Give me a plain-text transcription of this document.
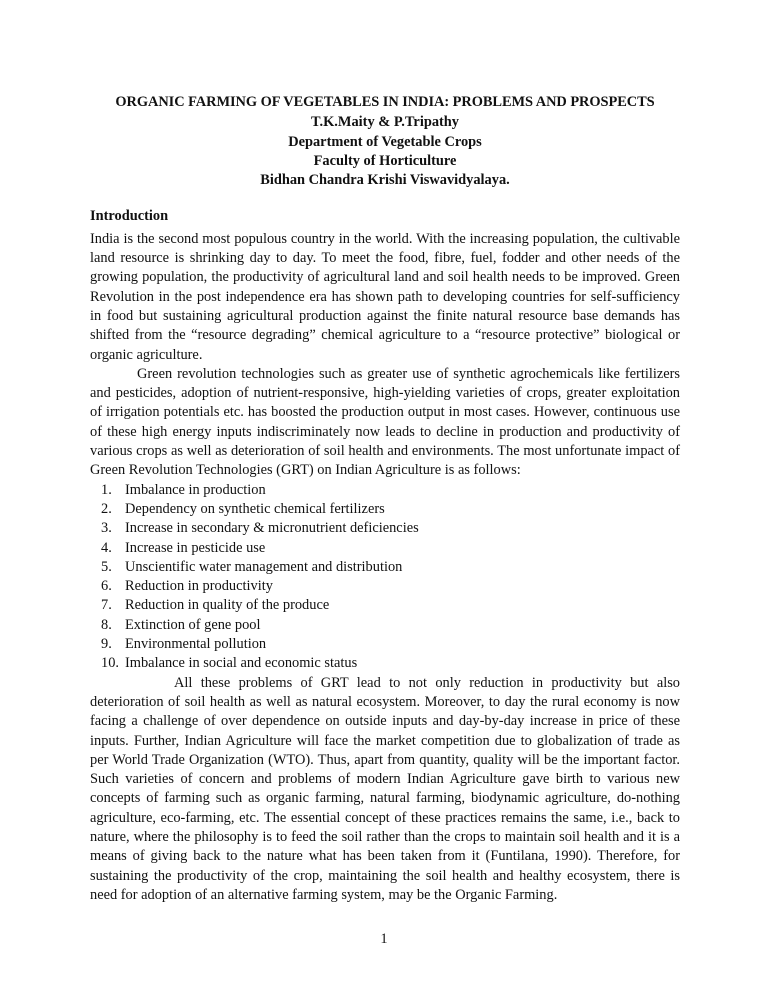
ORGANIC FARMING OF VEGETABLES IN INDIA: PROBLEMS AND PROSPECTS

T.K.Maity & P.Tripathy

Department of Vegetable Crops

Faculty of Horticulture

Bidhan Chandra Krishi Viswavidyalaya.

Introduction

India is the second most populous country in the world. With the increasing population, the cultivable land resource is shrinking day to day. To meet the food, fibre, fuel, fodder and other needs of the growing population, the productivity of agricultural land and soil health needs to be improved. Green Revolution in the post independence era has shown path to developing countries for self-sufficiency in food but sustaining agricultural production against the finite natural resource base demands has shifted from the “resource degrading” chemical agriculture to a “resource protective” biological or organic agriculture.

Green revolution technologies such as greater use of synthetic agrochemicals like fertilizers and pesticides, adoption of nutrient-responsive, high-yielding varieties of crops, greater exploitation of irrigation potentials etc. has boosted the production output in most cases. However, continuous use of these high energy inputs indiscriminately now leads to decline in production and productivity of various crops as well as deterioration of soil health and environments. The most unfortunate impact of Green Revolution Technologies (GRT) on Indian Agriculture is as follows:

1. Imbalance in production
2. Dependency on synthetic chemical fertilizers
3. Increase in secondary & micronutrient deficiencies
4. Increase in pesticide use
5. Unscientific water management and distribution
6. Reduction in productivity
7. Reduction in quality of the produce
8. Extinction of gene pool
9. Environmental pollution
10. Imbalance in social and economic status

All these problems of GRT lead to not only reduction in productivity but also deterioration of soil health as well as natural ecosystem. Moreover, to day the rural economy is now facing a challenge of over dependence on outside inputs and day-by-day increase in price of these inputs. Further, Indian Agriculture will face the market competition due to globalization of trade as per World Trade Organization (WTO). Thus, apart from quantity, quality will be the important factor. Such varieties of concern and problems of modern Indian Agriculture gave birth to various new concepts of farming such as organic farming, natural farming, biodynamic agriculture, do-nothing agriculture, eco-farming, etc. The essential concept of these practices remains the same, i.e., back to nature, where the philosophy is to feed the soil rather than the crops to maintain soil health and it is a means of giving back to the nature what has been taken from it (Funtilana, 1990). Therefore, for sustaining the productivity of the crop, maintaining the soil health and healthy ecosystem, there is need for adoption of an alternative farming system, may be the Organic Farming.

1
